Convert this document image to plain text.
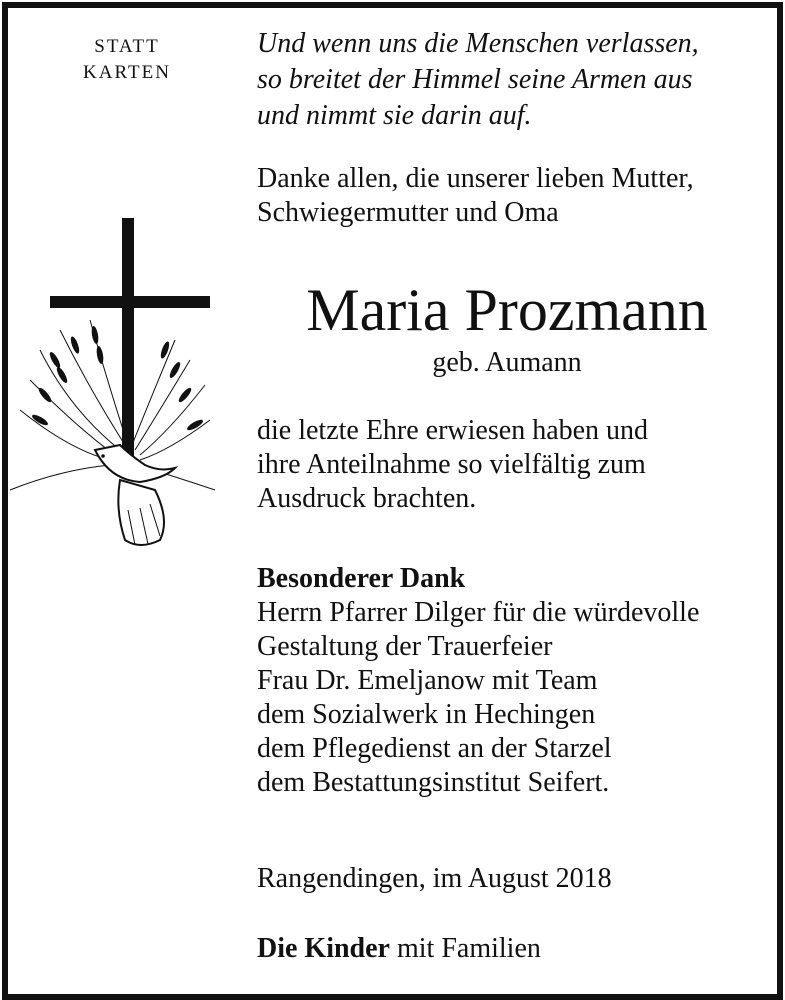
STATT
KARTEN
Und wenn uns die Menschen verlassen,
so breitet der Himmel seine Armen aus
und nimmt sie darin auf.
Danke allen, die unserer lieben Mutter,
Schwiegermutter und Oma
Maria Prozmann
geb. Aumann
die letzte Ehre erwiesen haben und
ihre Anteilnahme so vielfältig zum
Ausdruck brachten.
Besonderer Dank
Herrn Pfarrer Dilger für die würdevolle
Gestaltung der Trauerfeier
Frau Dr. Emeljanow mit Team
dem Sozialwerk in Hechingen
dem Pflegedienst an der Starzel
dem Bestattungsinstitut Seifert.
Rangendingen, im August 2018
Die Kinder mit Familien
